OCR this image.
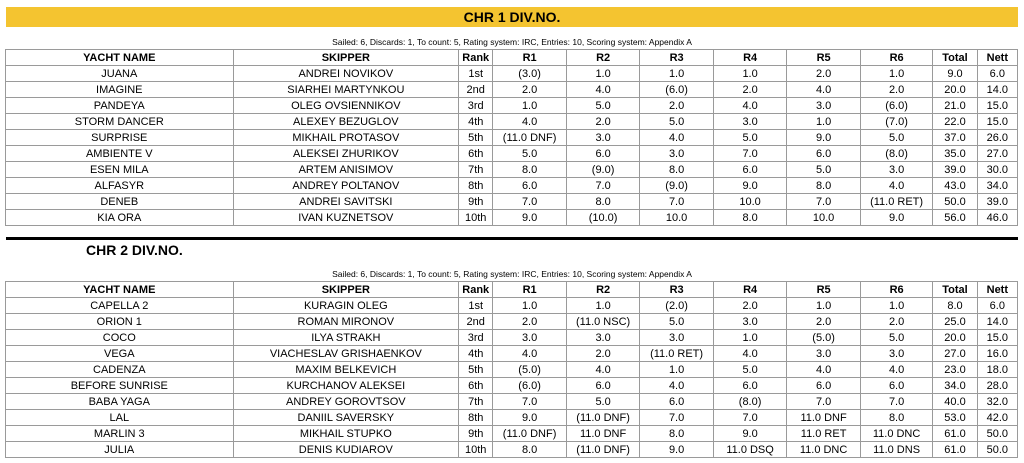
CHR 1 DIV.NO.
Sailed: 6, Discards: 1, To count: 5, Rating system: IRC, Entries: 10, Scoring system: Appendix A
YACHT NAME	SKIPPER	Rank	R1	R2	R3	R4	R5	R6	Total	Nett
JUANA	ANDREI NOVIKOV	1st	(3.0)	1.0	1.0	1.0	2.0	1.0	9.0	6.0
IMAGINE	SIARHEI MARTYNKOU	2nd	2.0	4.0	(6.0)	2.0	4.0	2.0	20.0	14.0
PANDEYA	OLEG OVSIENNIKOV	3rd	1.0	5.0	2.0	4.0	3.0	(6.0)	21.0	15.0
STORM DANCER	ALEXEY BEZUGLOV	4th	4.0	2.0	5.0	3.0	1.0	(7.0)	22.0	15.0
SURPRISE	MIKHAIL PROTASOV	5th	(11.0 DNF)	3.0	4.0	5.0	9.0	5.0	37.0	26.0
AMBIENTE V	ALEKSEI ZHURIKOV	6th	5.0	6.0	3.0	7.0	6.0	(8.0)	35.0	27.0
ESEN MILA	ARTEM ANISIMOV	7th	8.0	(9.0)	8.0	6.0	5.0	3.0	39.0	30.0
ALFASYR	ANDREY POLTANOV	8th	6.0	7.0	(9.0)	9.0	8.0	4.0	43.0	34.0
DENEB	ANDREI SAVITSKI	9th	7.0	8.0	7.0	10.0	7.0	(11.0 RET)	50.0	39.0
KIA ORA	IVAN KUZNETSOV	10th	9.0	(10.0)	10.0	8.0	10.0	9.0	56.0	46.0
CHR 2 DIV.NO.
Sailed: 6, Discards: 1, To count: 5, Rating system: IRC, Entries: 10, Scoring system: Appendix A
YACHT NAME	SKIPPER	Rank	R1	R2	R3	R4	R5	R6	Total	Nett
CAPELLA 2	KURAGIN OLEG	1st	1.0	1.0	(2.0)	2.0	1.0	1.0	8.0	6.0
ORION 1	ROMAN MIRONOV	2nd	2.0	(11.0 NSC)	5.0	3.0	2.0	2.0	25.0	14.0
COCO	ILYA STRAKH	3rd	3.0	3.0	3.0	1.0	(5.0)	5.0	20.0	15.0
VEGA	VIACHESLAV GRISHAENKOV	4th	4.0	2.0	(11.0 RET)	4.0	3.0	3.0	27.0	16.0
CADENZA	MAXIM BELKEVICH	5th	(5.0)	4.0	1.0	5.0	4.0	4.0	23.0	18.0
BEFORE SUNRISE	KURCHANOV ALEKSEI	6th	(6.0)	6.0	4.0	6.0	6.0	6.0	34.0	28.0
BABA YAGA	ANDREY GOROVTSOV	7th	7.0	5.0	6.0	(8.0)	7.0	7.0	40.0	32.0
LAL	DANIIL SAVERSKY	8th	9.0	(11.0 DNF)	7.0	7.0	11.0 DNF	8.0	53.0	42.0
MARLIN 3	MIKHAIL STUPKO	9th	(11.0 DNF)	11.0 DNF	8.0	9.0	11.0 RET	11.0 DNC	61.0	50.0
JULIA	DENIS KUDIAROV	10th	8.0	(11.0 DNF)	9.0	11.0 DSQ	11.0 DNC	11.0 DNS	61.0	50.0
